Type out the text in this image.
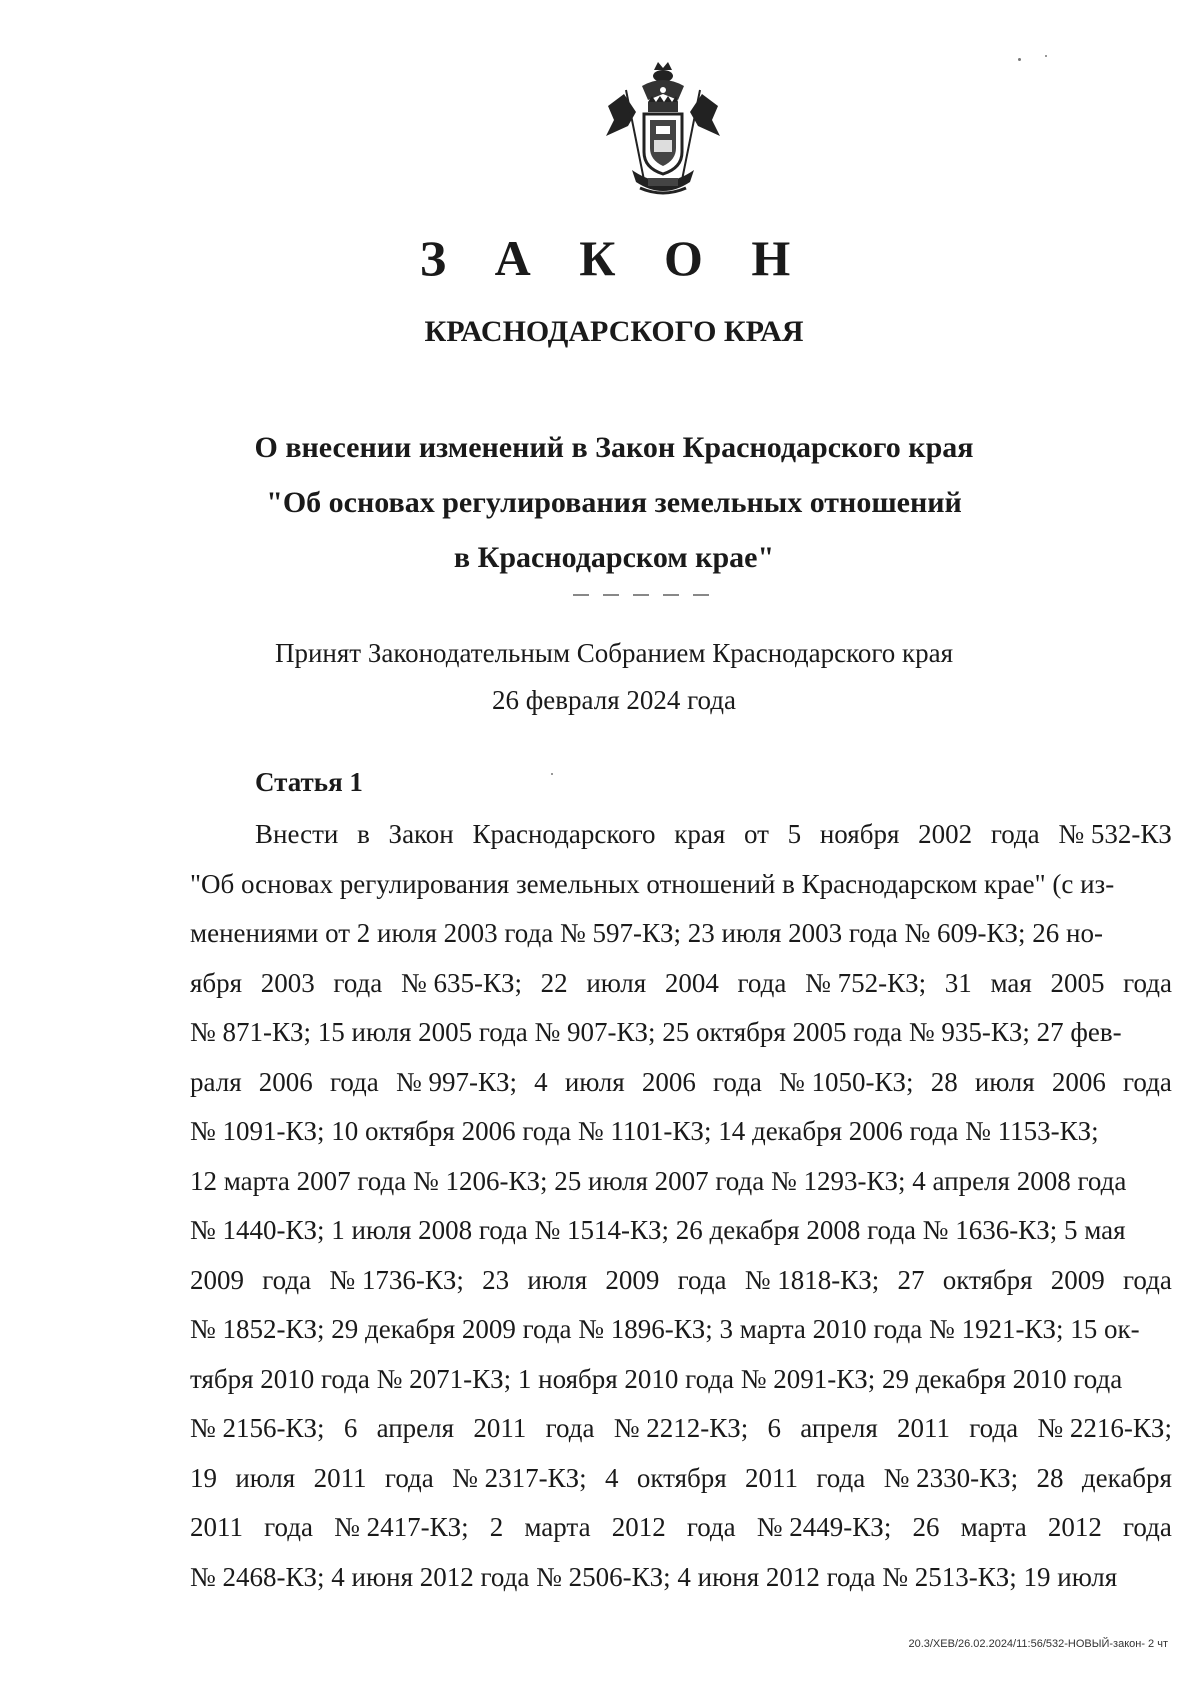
З А К О Н
КРАСНОДАРСКОГО КРАЯ
О внесении изменений в Закон Краснодарского края
"Об основах регулирования земельных отношений
в Краснодарском крае"
Принят Законодательным Собранием Краснодарского края
26 февраля 2024 года
Статья 1
Внести в Закон Краснодарского края от 5 ноября 2002 года № 532-КЗ
"Об основах регулирования земельных отношений в Краснодарском крае" (с из-
менениями от 2 июля 2003 года № 597-КЗ; 23 июля 2003 года № 609-КЗ; 26 но-
ября 2003 года № 635-КЗ; 22 июля 2004 года № 752-КЗ; 31 мая 2005 года
№ 871-КЗ; 15 июля 2005 года № 907-КЗ; 25 октября 2005 года № 935-КЗ; 27 фев-
раля 2006 года № 997-КЗ; 4 июля 2006 года № 1050-КЗ; 28 июля 2006 года
№ 1091-КЗ; 10 октября 2006 года № 1101-КЗ; 14 декабря 2006 года № 1153-КЗ;
12 марта 2007 года № 1206-КЗ; 25 июля 2007 года № 1293-КЗ; 4 апреля 2008 года
№ 1440-КЗ; 1 июля 2008 года № 1514-КЗ; 26 декабря 2008 года № 1636-КЗ; 5 мая
2009 года № 1736-КЗ; 23 июля 2009 года № 1818-КЗ; 27 октября 2009 года
№ 1852-КЗ; 29 декабря 2009 года № 1896-КЗ; 3 марта 2010 года № 1921-КЗ; 15 ок-
тября 2010 года № 2071-КЗ; 1 ноября 2010 года № 2091-КЗ; 29 декабря 2010 года
№ 2156-КЗ; 6 апреля 2011 года № 2212-КЗ; 6 апреля 2011 года № 2216-КЗ;
19 июля 2011 года № 2317-КЗ; 4 октября 2011 года № 2330-КЗ; 28 декабря
2011 года № 2417-КЗ; 2 марта 2012 года № 2449-КЗ; 26 марта 2012 года
№ 2468-КЗ; 4 июня 2012 года № 2506-КЗ; 4 июня 2012 года № 2513-КЗ; 19 июля
20.3/ХЕВ/26.02.2024/11:56/532-НОВЫЙ-закон- 2 чт
